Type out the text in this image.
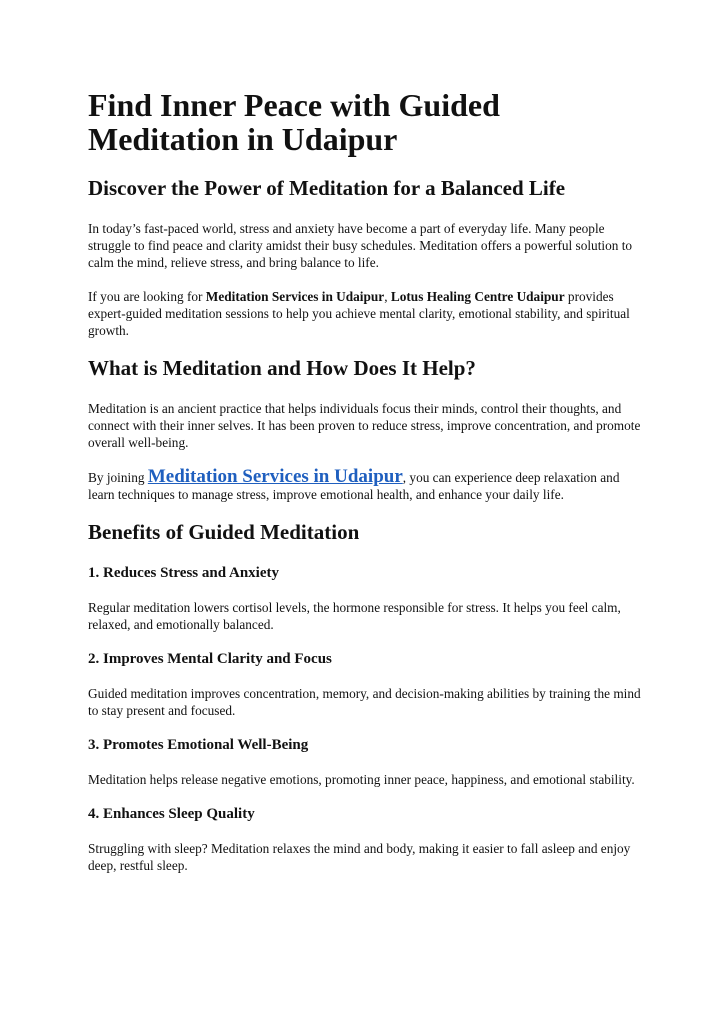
Find Inner Peace with Guided Meditation in Udaipur
Discover the Power of Meditation for a Balanced Life

In today’s fast-paced world, stress and anxiety have become a part of everyday life. Many people struggle to find peace and clarity amidst their busy schedules. Meditation offers a powerful solution to calm the mind, relieve stress, and bring balance to life.

If you are looking for Meditation Services in Udaipur, Lotus Healing Centre Udaipur provides expert-guided meditation sessions to help you achieve mental clarity, emotional stability, and spiritual growth.

What is Meditation and How Does It Help?

Meditation is an ancient practice that helps individuals focus their minds, control their thoughts, and connect with their inner selves. It has been proven to reduce stress, improve concentration, and promote overall well-being.

By joining Meditation Services in Udaipur, you can experience deep relaxation and learn techniques to manage stress, improve emotional health, and enhance your daily life.

Benefits of Guided Meditation
1. Reduces Stress and Anxiety

Regular meditation lowers cortisol levels, the hormone responsible for stress. It helps you feel calm, relaxed, and emotionally balanced.

2. Improves Mental Clarity and Focus

Guided meditation improves concentration, memory, and decision-making abilities by training the mind to stay present and focused.

3. Promotes Emotional Well-Being

Meditation helps release negative emotions, promoting inner peace, happiness, and emotional stability.

4. Enhances Sleep Quality

Struggling with sleep? Meditation relaxes the mind and body, making it easier to fall asleep and enjoy deep, restful sleep.
